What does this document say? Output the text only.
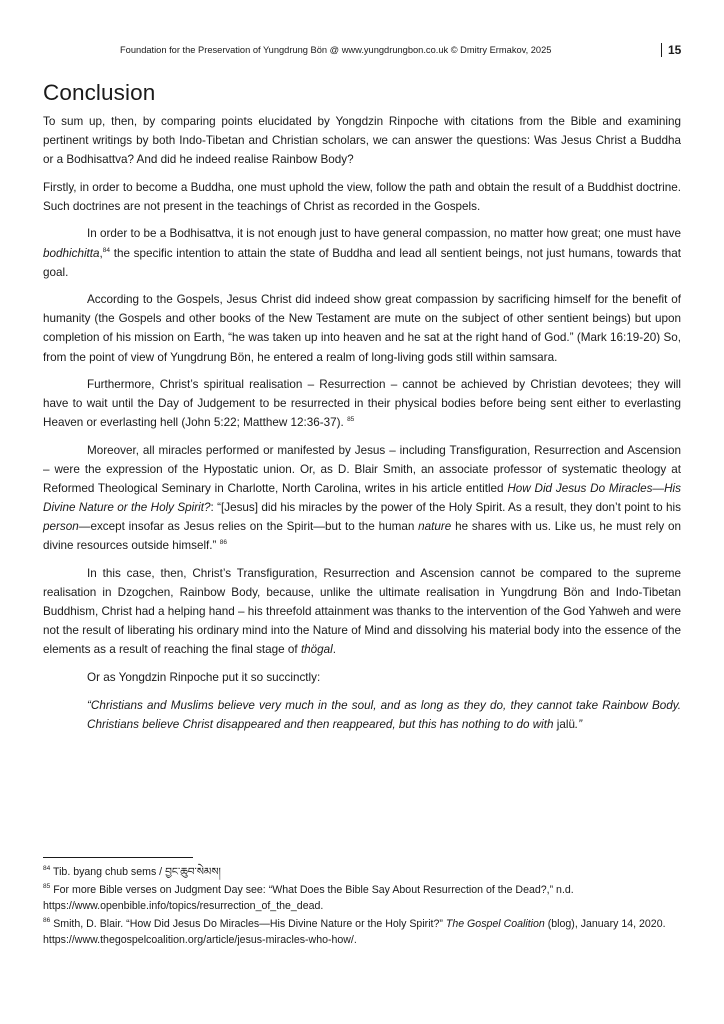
Foundation for the Preservation of Yungdrung Bön @ www.yungdrungbon.co.uk © Dmitry Ermakov, 2025	15
Conclusion

To sum up, then, by comparing points elucidated by Yongdzin Rinpoche with citations from the Bible and examining pertinent writings by both Indo-Tibetan and Christian scholars, we can answer the questions: Was Jesus Christ a Buddha or a Bodhisattva? And did he indeed realise Rainbow Body?

Firstly, in order to become a Buddha, one must uphold the view, follow the path and obtain the result of a Buddhist doctrine. Such doctrines are not present in the teachings of Christ as recorded in the Gospels.

In order to be a Bodhisattva, it is not enough just to have general compassion, no matter how great; one must have bodhichitta,$^{84}$ the specific intention to attain the state of Buddha and lead all sentient beings, not just humans, towards that goal.

According to the Gospels, Jesus Christ did indeed show great compassion by sacrificing himself for the benefit of humanity (the Gospels and other books of the New Testament are mute on the subject of other sentient beings) but upon completion of his mission on Earth, “he was taken up into heaven and he sat at the right hand of God.” (Mark 16:19-20) So, from the point of view of Yungdrung Bön, he entered a realm of long-living gods still within samsara.

Furthermore, Christ’s spiritual realisation – Resurrection – cannot be achieved by Christian devotees; they will have to wait until the Day of Judgement to be resurrected in their physical bodies before being sent either to everlasting Heaven or everlasting hell (John 5:22; Matthew 12:36-37). $^{85}$

Moreover, all miracles performed or manifested by Jesus – including Transfiguration, Resurrection and Ascension – were the expression of the Hypostatic union. Or, as D. Blair Smith, an associate professor of systematic theology at Reformed Theological Seminary in Charlotte, North Carolina, writes in his article entitled How Did Jesus Do Miracles—His Divine Nature or the Holy Spirit?: “[Jesus] did his miracles by the power of the Holy Spirit. As a result, they don’t point to his person—except insofar as Jesus relies on the Spirit—but to the human nature he shares with us. Like us, he must rely on divine resources outside himself.” $^{86}$

In this case, then, Christ’s Transfiguration, Resurrection and Ascension cannot be compared to the supreme realisation in Dzogchen, Rainbow Body, because, unlike the ultimate realisation in Yungdrung Bön and Indo-Tibetan Buddhism, Christ had a helping hand – his threefold attainment was thanks to the intervention of the God Yahweh and were not the result of liberating his ordinary mind into the Nature of Mind and dissolving his material body into the essence of the elements as a result of reaching the final stage of thögal.

Or as Yongdzin Rinpoche put it so succinctly:

“Christians and Muslims believe very much in the soul, and as long as they do, they cannot take Rainbow Body. Christians believe Christ disappeared and then reappeared, but this has nothing to do with jalü.”

$^{84}$ Tib. byang chub sems / བྱང་ཆུབ་སེམས།

$^{85}$ For more Bible verses on Judgment Day see: “What Does the Bible Say About Resurrection of the Dead?,” n.d. https://www.openbible.info/topics/resurrection_of_the_dead.

$^{86}$ Smith, D. Blair. “How Did Jesus Do Miracles—His Divine Nature or the Holy Spirit?” The Gospel Coalition (blog), January 14, 2020. https://www.thegospelcoalition.org/article/jesus-miracles-who-how/.
